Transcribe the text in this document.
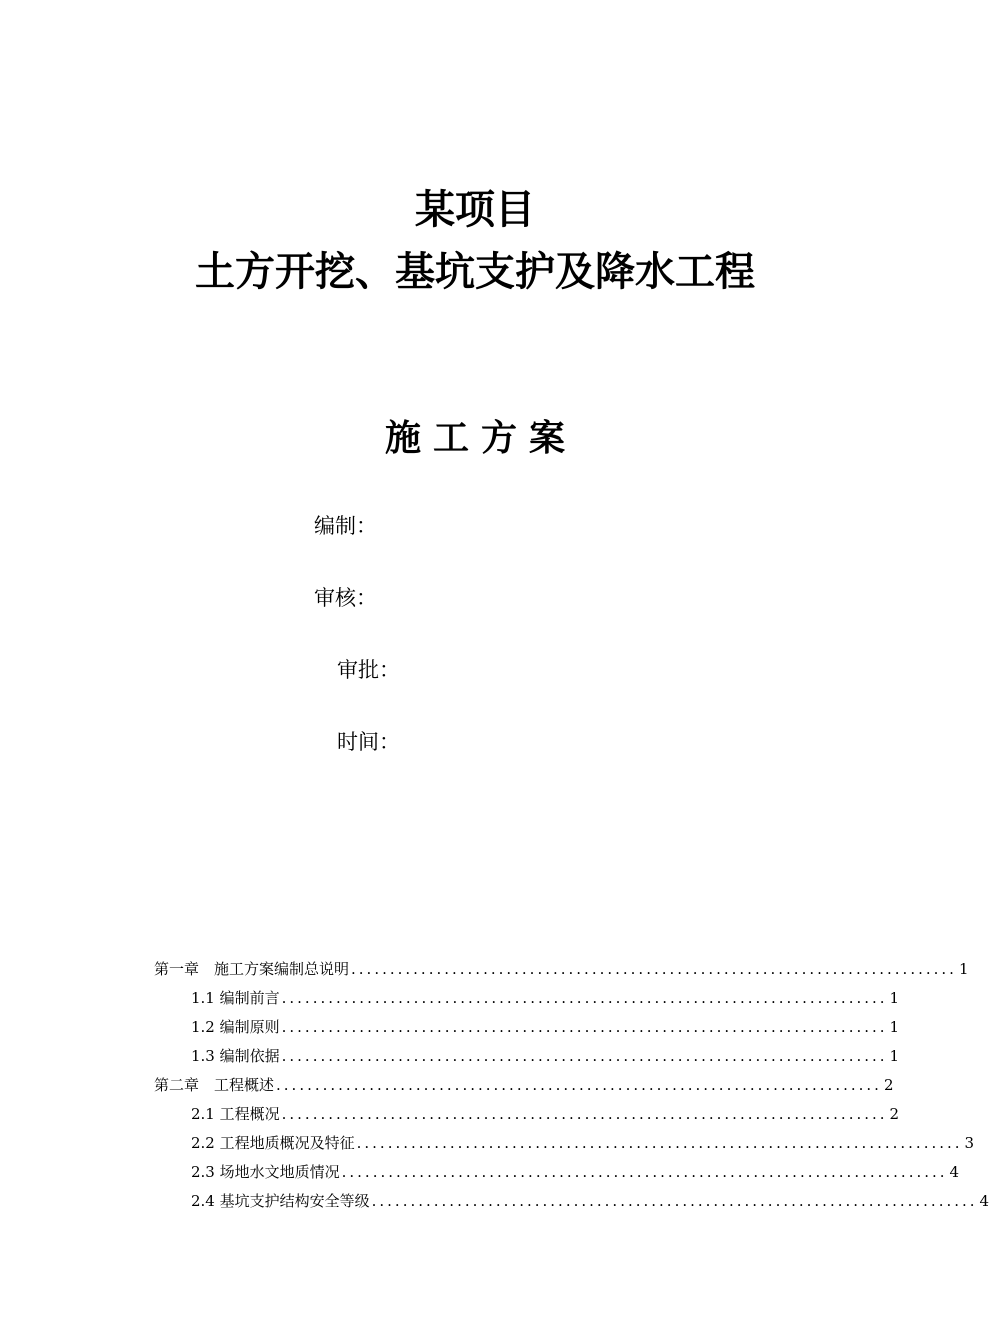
某项目
土方开挖、基坑支护及降水工程
施工方案
编制：
审核：
审批：
时间：
第一章　施工方案编制总说明 .............................................................................. 1
1.1 编制前言 .............................................................................. 1
1.2 编制原则 .............................................................................. 1
1.3 编制依据 .............................................................................. 1
第二章　工程概述 .............................................................................. 2
2.1 工程概况 .............................................................................. 2
2.2 工程地质概况及特征 .............................................................................. 3
2.3 场地水文地质情况 .............................................................................. 4
2.4 基坑支护结构安全等级 .............................................................................. 4
